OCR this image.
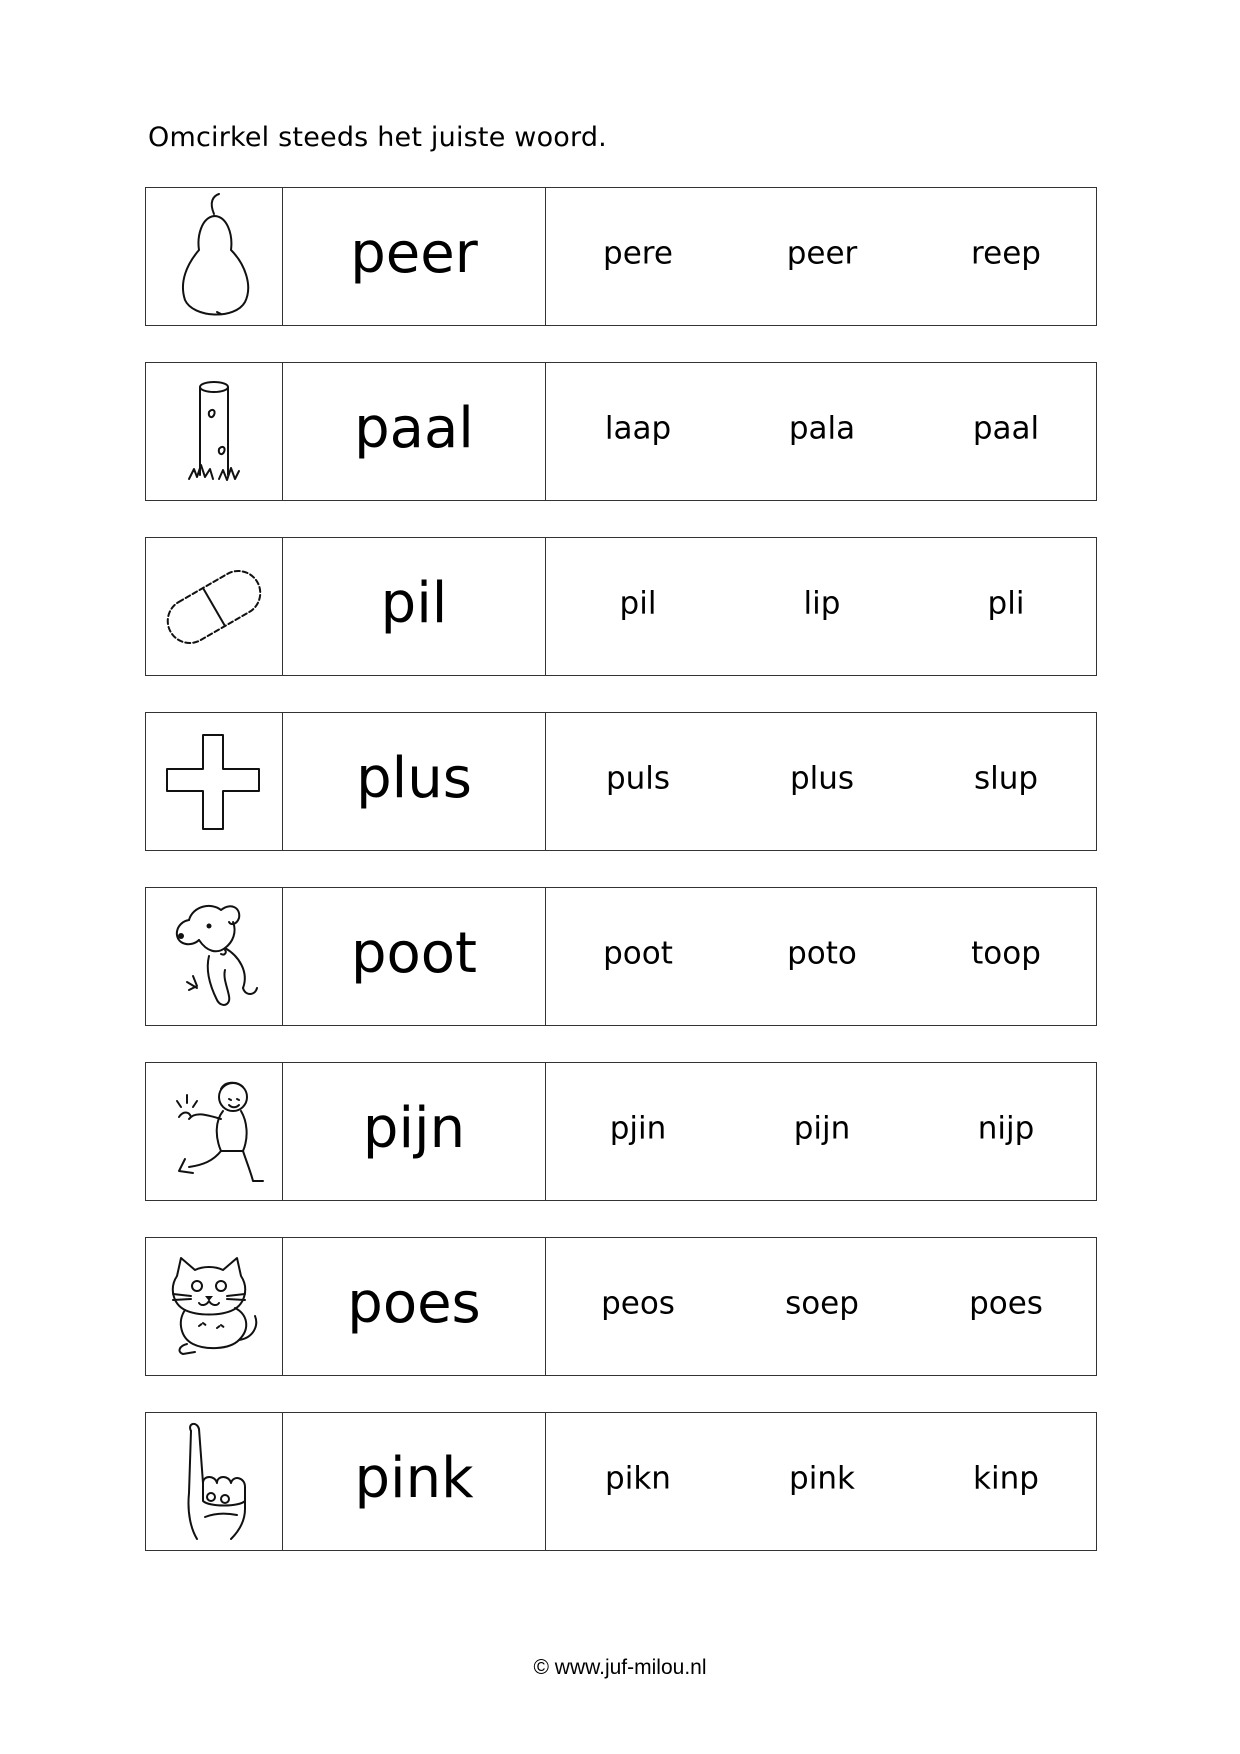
Omcirkel steeds het juiste woord.
peer	pere	peer	reep
paal	laap	pala	paal
pil	pil	lip	pli
plus	puls	plus	slup
poot	poot	poto	toop
pijn	pjin	pijn	nijp
poes	peos	soep	poes
pink	pikn	pink	kinp
© www.juf-milou.nl
